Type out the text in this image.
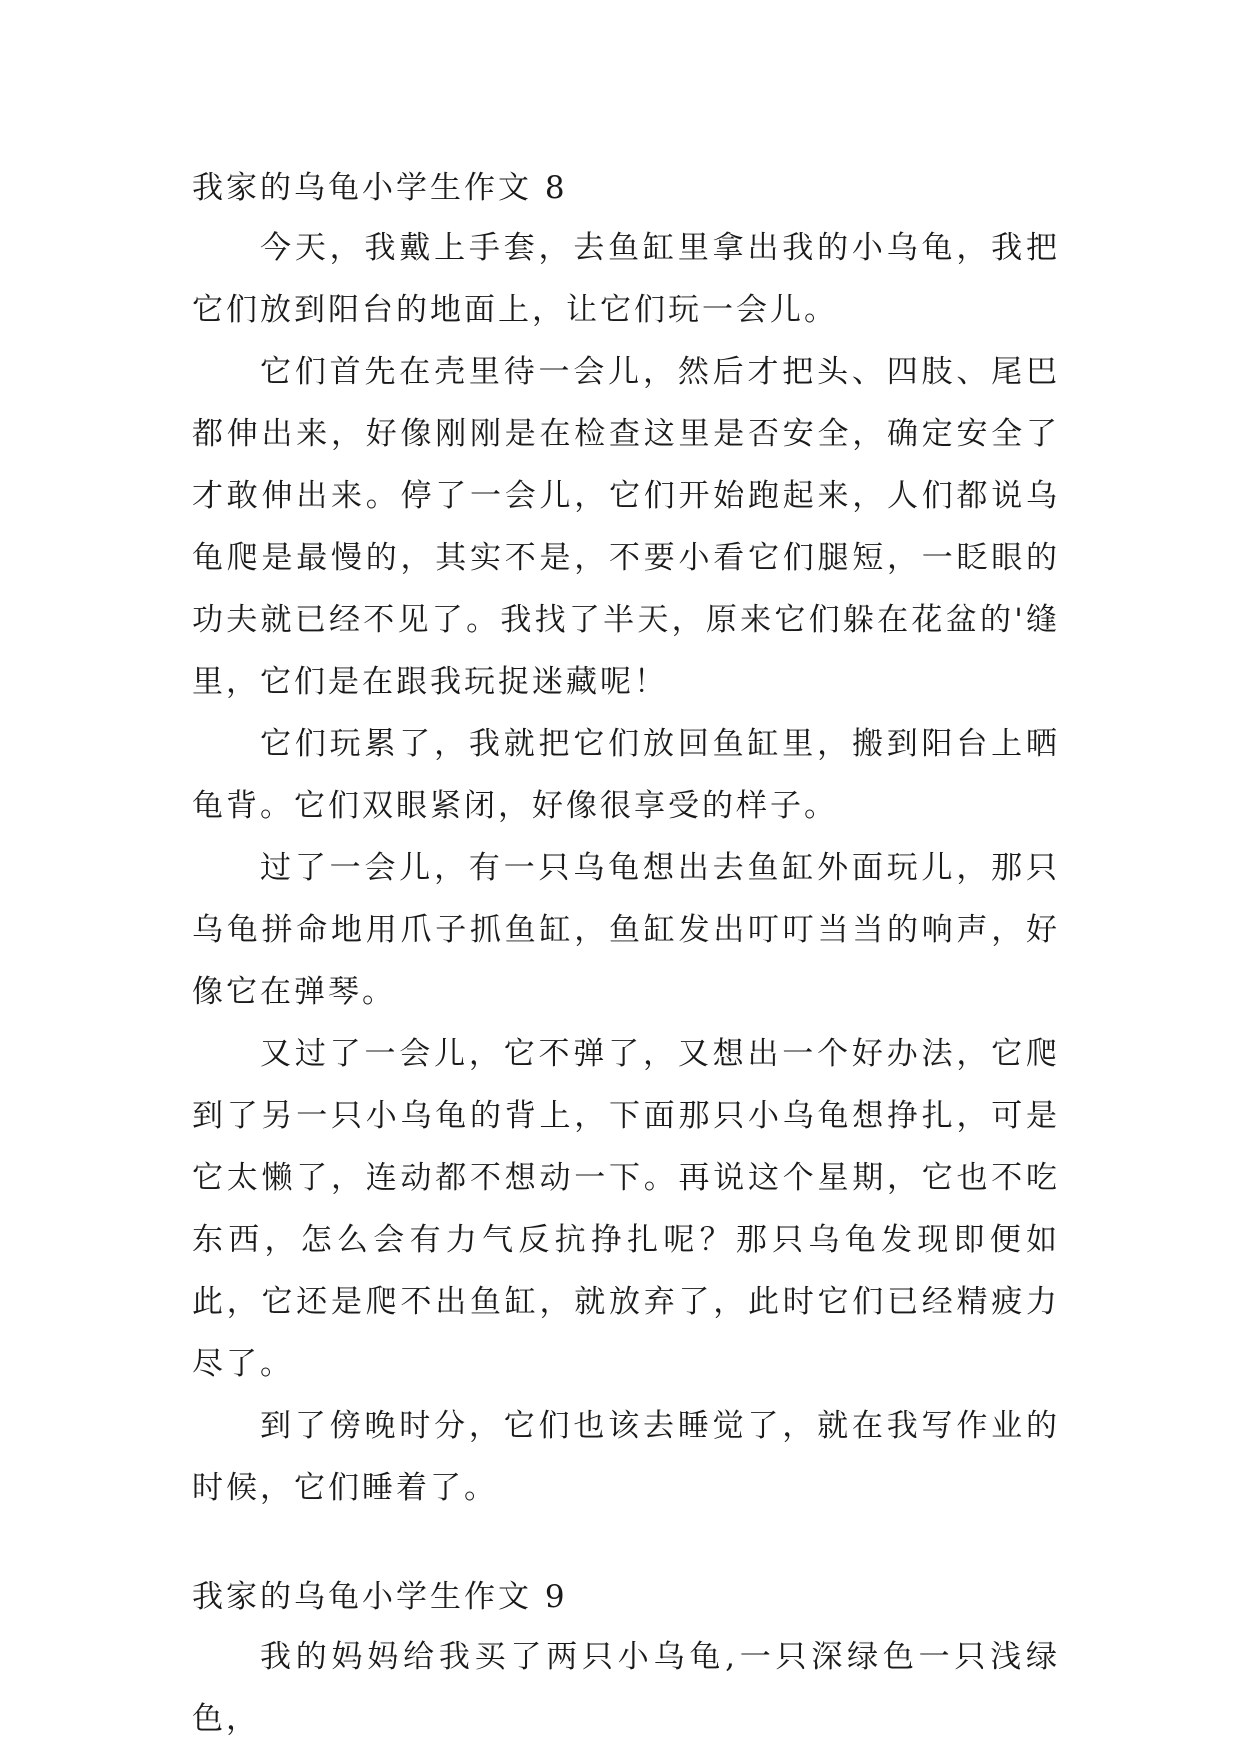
我家的乌龟小学生作文 8

今天，我戴上手套，去鱼缸里拿出我的小乌龟，我把它们放到阳台的地面上，让它们玩一会儿。

它们首先在壳里待一会儿，然后才把头、四肢、尾巴都伸出来，好像刚刚是在检查这里是否安全，确定安全了才敢伸出来。停了一会儿，它们开始跑起来，人们都说乌龟爬是最慢的，其实不是，不要小看它们腿短，一眨眼的功夫就已经不见了。我找了半天，原来它们躲在花盆的'缝里，它们是在跟我玩捉迷藏呢！

它们玩累了，我就把它们放回鱼缸里，搬到阳台上晒龟背。它们双眼紧闭，好像很享受的样子。

过了一会儿，有一只乌龟想出去鱼缸外面玩儿，那只乌龟拼命地用爪子抓鱼缸，鱼缸发出叮叮当当的响声，好像它在弹琴。

又过了一会儿，它不弹了，又想出一个好办法，它爬到了另一只小乌龟的背上，下面那只小乌龟想挣扎，可是它太懒了，连动都不想动一下。再说这个星期，它也不吃东西，怎么会有力气反抗挣扎呢？那只乌龟发现即便如此，它还是爬不出鱼缸，就放弃了，此时它们已经精疲力尽了。

到了傍晚时分，它们也该去睡觉了，就在我写作业的时候，它们睡着了。

我家的乌龟小学生作文 9

我的妈妈给我买了两只小乌龟,一只深绿色一只浅绿色，
